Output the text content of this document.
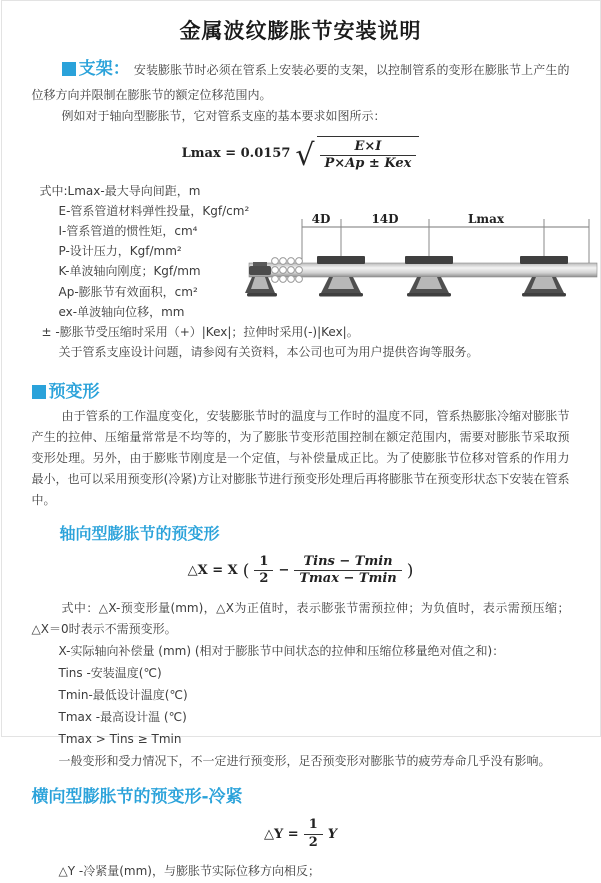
金属波纹膨胀节安装说明

支架： 安装膨胀节时必须在管系上安装必要的支架，以控制管系的变形在膨胀节上产生的位移方向并限制在膨胀节的额定位移范围内。

例如对于轴向型膨胀节，它对管系支座的基本要求如图所示：

Lmax = 0.0157 √ $\frac{E\times I}{\text{P×Ap ± Kex}}$
式中:Lmax-最大导向间距，m
E-管系管道材料弹性投量，Kgf/cm²
I-管系管道的惯性矩，cm⁴
P-设计压力，Kgf/mm²
K-单波轴向刚度；Kgf/mm
Ap-膨胀节有效面积，cm²
ex-单波轴向位移，mm
4D	14D	Lmax

± -膨胀节受压缩时采用（+）|Kex|；拉伸时采用(-)|Kex|。

关于管系支座设计问题，请参阅有关资料，本公司也可为用户提供咨询等服务。

预变形

由于管系的工作温度变化，安装膨胀节时的温度与工作时的温度不同，管系热膨胀冷缩对膨胀节产生的拉伸、压缩量常常是不均等的，为了膨胀节变形范围控制在额定范围内，需要对膨胀节采取预变形处理。另外，由于膨账节刚度是一个定值，与补偿量成正比。为了使膨胀节位移对管系的作用力最小，也可以采用预变形(冷紧)方让对膨胀节进行预变形处理后再将膨胀节在预变形状态下安装在管系中。

轴向型膨胀节的预变形
△X = X ( $\frac{1}{2} - \frac{\text{Tins − Tmin}}{Tmax - Tmin}$ )

式中：△X-预变形量(mm)，△X为正值时，表示膨张节需预拉伸；为负值时，表示需预压缩；△X＝0时表示不需预变形。

X-实际轴向补偿量 (mm) (相对于膨胀节中间状态的拉伸和压缩位移量绝对值之和)：
Tins -安装温度(℃)
Tmin-最低设计温度(℃)
Tmax -最高设计温 (℃)
Tmax > Tins ≥ Tmin

一般变形和受力情况下，不一定进行预变形，足否预变形对膨胀节的疲劳寿命几乎没有影响。

横向型膨胀节的预变形-冷紧
△Y = $\frac{1}{2}$ Y

△Y -冷紧量(mm)，与膨胀节实际位移方向相反；
